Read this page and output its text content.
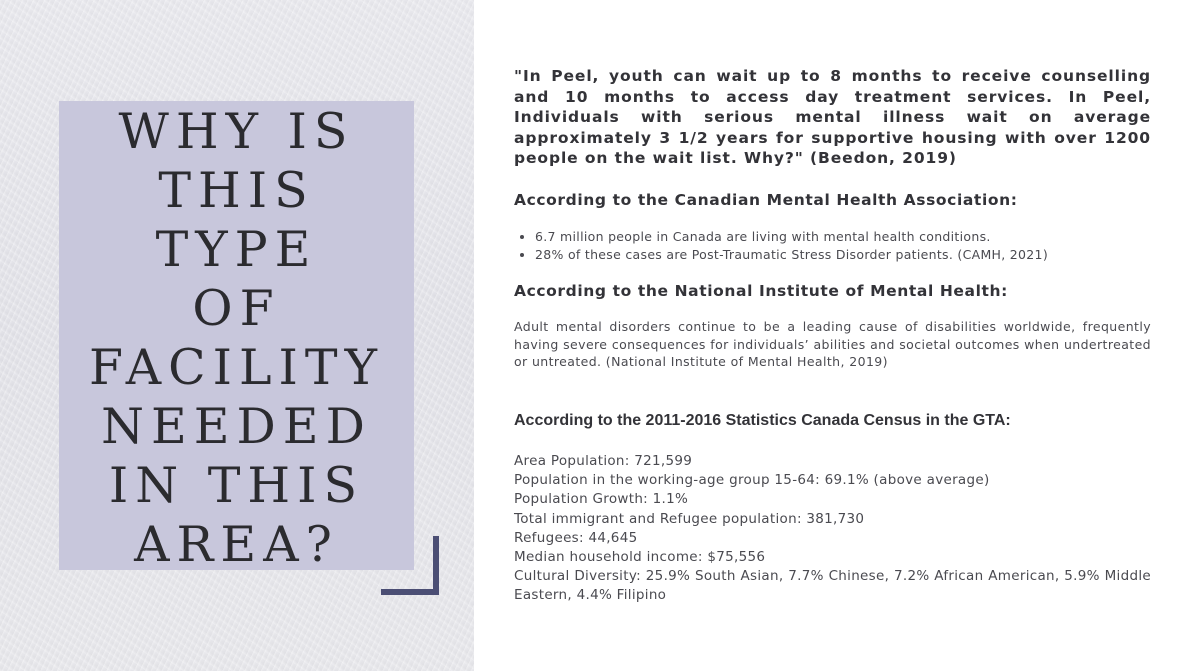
WHY IS
THIS TYPE
OF
FACILITY
NEEDED
IN THIS
AREA?
"In Peel, youth can wait up to 8 months to receive counselling and 10 months to access day treatment services. In Peel, Individuals with serious mental illness wait on average approximately 3 1/2 years for supportive housing with over 1200 people on the wait list. Why?" (Beedon, 2019)
According to the Canadian Mental Health Association:
• 6.7 million people in Canada are living with mental health conditions.
• 28% of these cases are Post-Traumatic Stress Disorder patients. (CAMH, 2021)
According to the National Institute of Mental Health:
Adult mental disorders continue to be a leading cause of disabilities worldwide, frequently having severe consequences for individuals’ abilities and societal outcomes when undertreated or untreated. (National Institute of Mental Health, 2019)
According to the 2011-2016 Statistics Canada Census in the GTA:
Area Population: 721,599
Population in the working-age group 15-64: 69.1% (above average)
Population Growth: 1.1%
Total immigrant and Refugee population: 381,730
Refugees: 44,645
Median household income: $75,556
Cultural Diversity: 25.9% South Asian, 7.7% Chinese, 7.2% African American, 5.9% Middle Eastern, 4.4% Filipino
